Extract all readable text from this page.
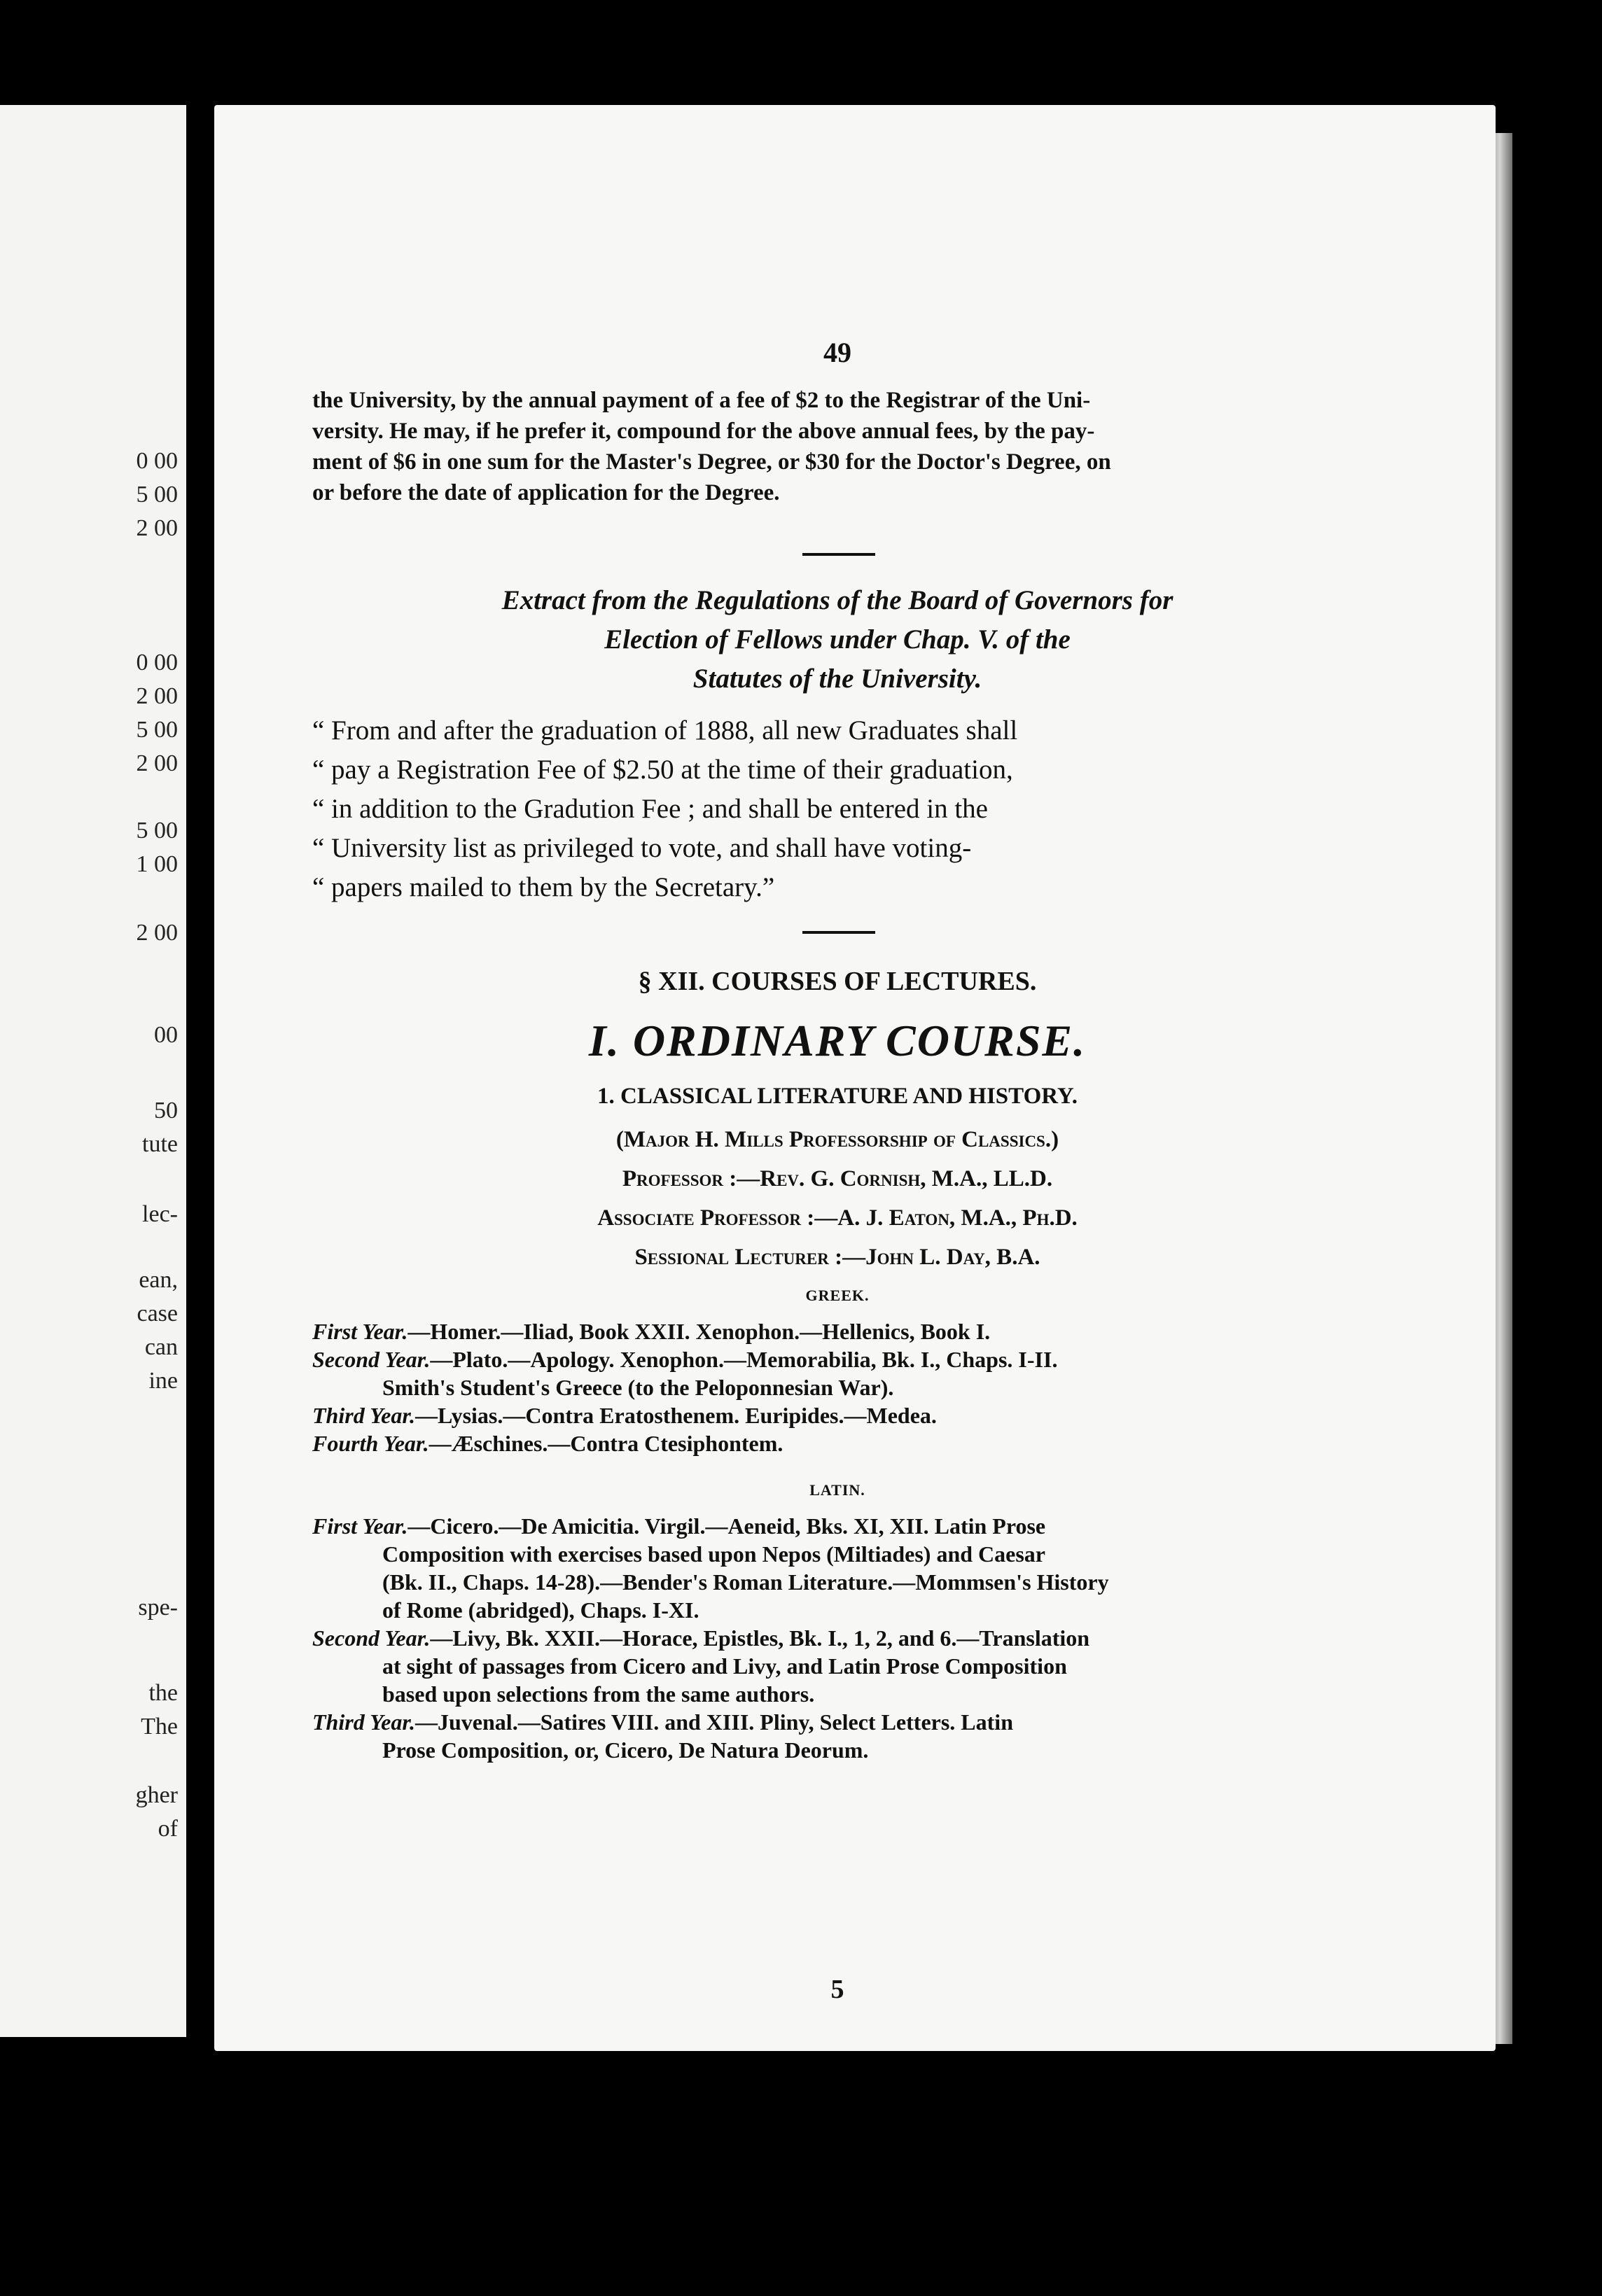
0 00
5 00
2 00
0 00
2 00
5 00
2 00
5 00
1 00
2 00
00
50
tute
lec-
ean,
case
can
ine
spe-
the
The
gher
of
49
the University, by the annual payment of a fee of $2 to the Registrar of the Uni-
versity. He may, if he prefer it, compound for the above annual fees, by the pay-
ment of $6 in one sum for the Master's Degree, or $30 for the Doctor's Degree, on
or before the date of application for the Degree.
Extract from the Regulations of the Board of Governors for
Election of Fellows under Chap. V. of the
Statutes of the University.
“ From and after the graduation of 1888, all new Graduates shall
“ pay a Registration Fee of $2.50 at the time of their graduation,
“ in addition to the Gradution Fee ; and shall be entered in the
“ University list as privileged to vote, and shall have voting-
“ papers mailed to them by the Secretary.”
§ XII. COURSES OF LECTURES.
I. ORDINARY COURSE.
1. CLASSICAL LITERATURE AND HISTORY.
(Major H. Mills Professorship of Classics.)
Professor :—Rev. G. Cornish, M.A., LL.D.
Associate Professor :—A. J. Eaton, M.A., Ph.D.
Sessional Lecturer :—John L. Day, B.A.
GREEK.
First Year.—Homer.—Iliad, Book XXII. Xenophon.—Hellenics, Book I.
Second Year.—Plato.—Apology. Xenophon.—Memorabilia, Bk. I., Chaps. I-II.
Smith's Student's Greece (to the Peloponnesian War).
Third Year.—Lysias.—Contra Eratosthenem. Euripides.—Medea.
Fourth Year.—Æschines.—Contra Ctesiphontem.
LATIN.
First Year.—Cicero.—De Amicitia. Virgil.—Aeneid, Bks. XI, XII. Latin Prose
Composition with exercises based upon Nepos (Miltiades) and Caesar
(Bk. II., Chaps. 14-28).—Bender's Roman Literature.—Mommsen's History
of Rome (abridged), Chaps. I-XI.
Second Year.—Livy, Bk. XXII.—Horace, Epistles, Bk. I., 1, 2, and 6.—Translation
at sight of passages from Cicero and Livy, and Latin Prose Composition
based upon selections from the same authors.
Third Year.—Juvenal.—Satires VIII. and XIII. Pliny, Select Letters. Latin
Prose Composition, or, Cicero, De Natura Deorum.
5
